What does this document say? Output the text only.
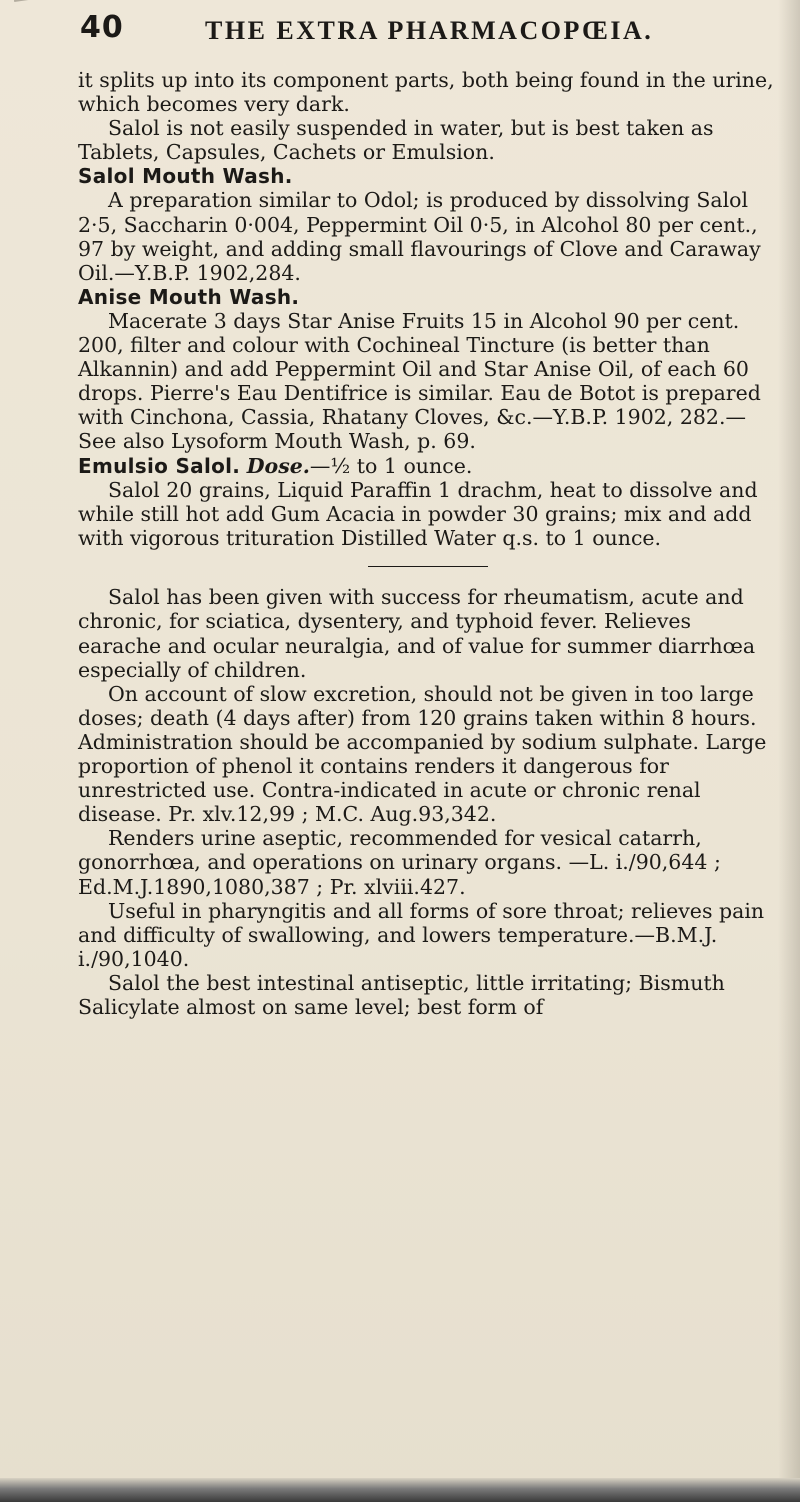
40	THE EXTRA PHARMACOPŒIA.

it splits up into its component parts, both being found in the urine, which becomes very dark.

Salol is not easily suspended in water, but is best taken as Tablets, Capsules, Cachets or Emulsion.

Salol Mouth Wash.

A preparation similar to Odol; is produced by dissolving Salol 2·5, Saccharin 0·004, Peppermint Oil 0·5, in Alcohol 80 per cent., 97 by weight, and adding small flavourings of Clove and Caraway Oil.—Y.B.P. 1902,284.

Anise Mouth Wash.

Macerate 3 days Star Anise Fruits 15 in Alcohol 90 per cent. 200, filter and colour with Cochineal Tincture (is better than Alkannin) and add Peppermint Oil and Star Anise Oil, of each 60 drops. Pierre's Eau Dentifrice is similar. Eau de Botot is prepared with Cinchona, Cassia, Rhatany Cloves, &c.—Y.B.P. 1902, 282.—See also Lysoform Mouth Wash, p. 69.

Emulsio Salol. Dose.—½ to 1 ounce.

Salol 20 grains, Liquid Paraffin 1 drachm, heat to dissolve and while still hot add Gum Acacia in powder 30 grains; mix and add with vigorous trituration Distilled Water q.s. to 1 ounce.

Salol has been given with success for rheumatism, acute and chronic, for sciatica, dysentery, and typhoid fever. Relieves earache and ocular neuralgia, and of value for summer diarrhœa especially of children.

On account of slow excretion, should not be given in too large doses; death (4 days after) from 120 grains taken within 8 hours. Administration should be accompanied by sodium sulphate. Large proportion of phenol it contains renders it dangerous for unrestricted use. Contra-indicated in acute or chronic renal disease. Pr. xlv.12,99 ; M.C. Aug.93,342.

Renders urine aseptic, recommended for vesical catarrh, gonorrhœa, and operations on urinary organs. —L. i./90,644 ; Ed.M.J.1890,1080,387 ; Pr. xlviii.427.

Useful in pharyngitis and all forms of sore throat; relieves pain and difficulty of swallowing, and lowers temperature.—B.M.J. i./90,1040.

Salol the best intestinal antiseptic, little irritating; Bismuth Salicylate almost on same level; best form of
